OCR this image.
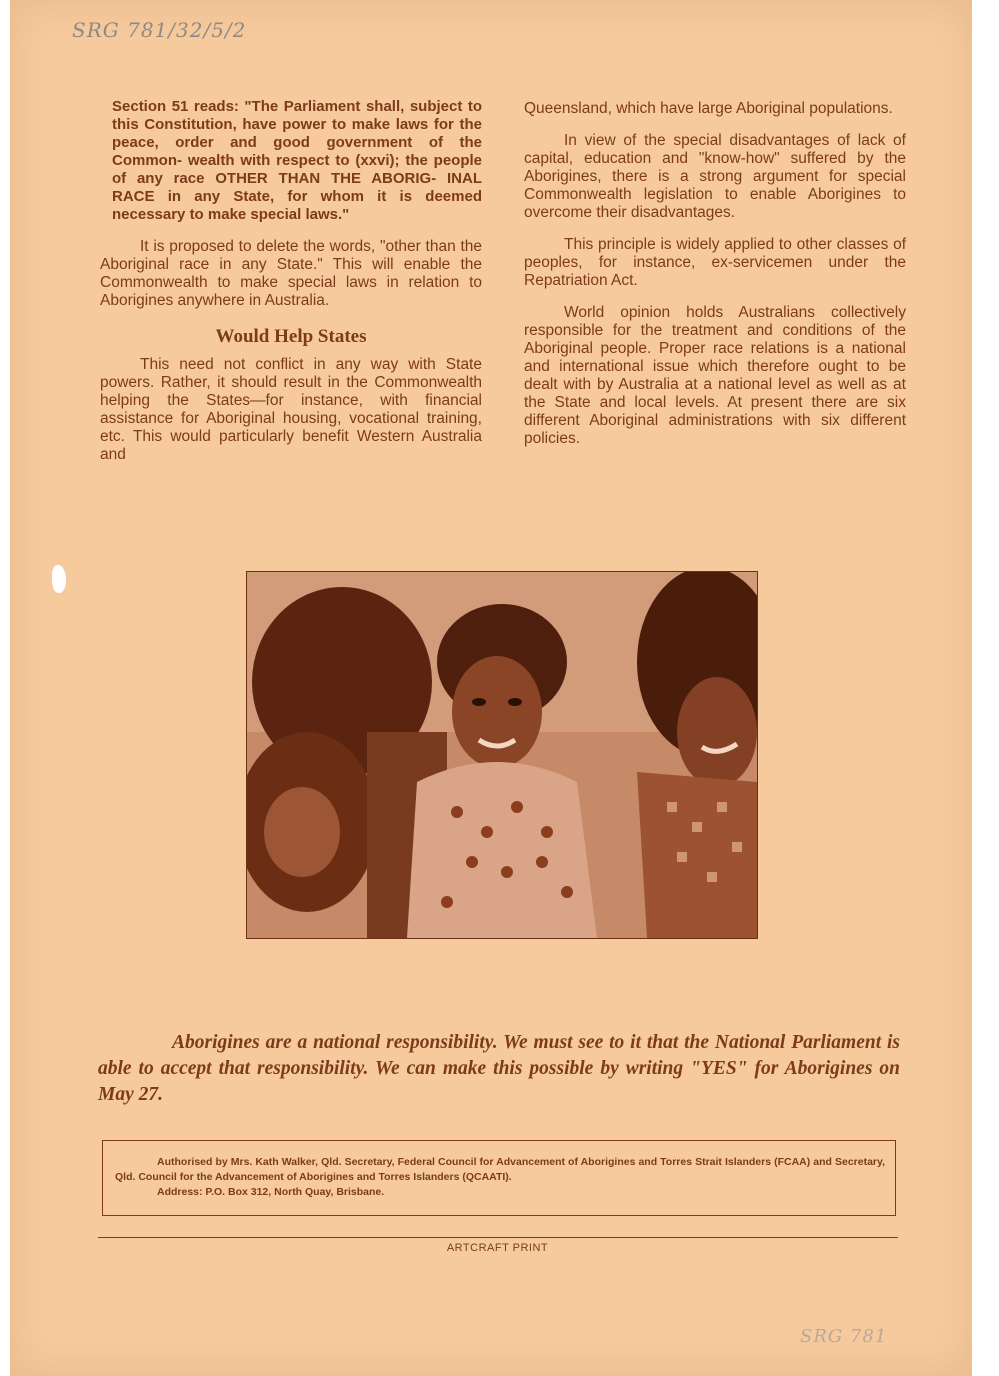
SRG 781/32/5/2
Section 51 reads: "The Parliament shall, subject to this Constitution, have power to make laws for the peace, order and good government of the Common- wealth with respect to (xxvi); the people of any race OTHER THAN THE ABORIG- INAL RACE in any State, for whom it is deemed necessary to make special laws."

It is proposed to delete the words, "other than the Aboriginal race in any State." This will enable the Commonwealth to make special laws in relation to Aborigines anywhere in Australia.

Would Help States

This need not conflict in any way with State powers. Rather, it should result in the Commonwealth helping the States—for instance, with financial assistance for Aboriginal housing, vocational training, etc. This would particularly benefit Western Australia and

Queensland, which have large Aboriginal populations.

In view of the special disadvantages of lack of capital, education and "know-how" suffered by the Aborigines, there is a strong argument for special Commonwealth legislation to enable Aborigines to overcome their disadvantages.

This principle is widely applied to other classes of peoples, for instance, ex-servicemen under the Repatriation Act.

World opinion holds Australians collectively responsible for the treatment and conditions of the Aboriginal people. Proper race relations is a national and international issue which therefore ought to be dealt with by Australia at a national level as well as at the State and local levels. At present there are six different Aboriginal administrations with six different policies.

Aborigines are a national responsibility. We must see to it that the National Parliament is able to accept that responsibility. We can make this possible by writing "YES" for Aborigines on May 27.
Authorised by Mrs. Kath Walker, Qld. Secretary, Federal Council for Advancement of Aborigines and Torres Strait Islanders (FCAA) and Secretary, Qld. Council for the Advancement of Aborigines and Torres Islanders (QCAATI).
Address: P.O. Box 312, North Quay, Brisbane.
ARTCRAFT PRINT
SRG 781
